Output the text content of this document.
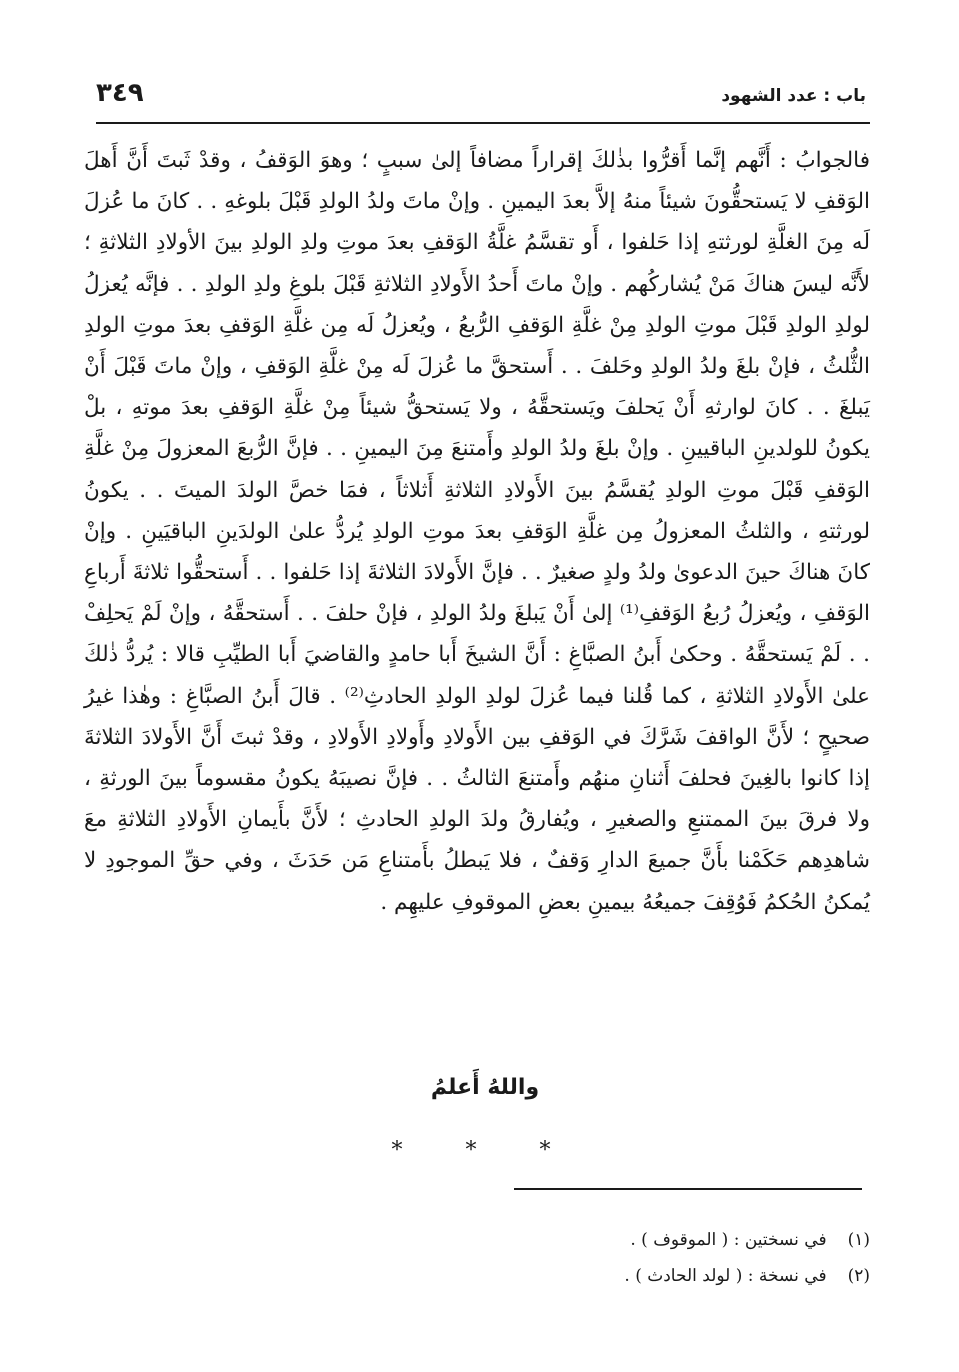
باب : عدد الشهود
٣٤٩

فالجوابُ : أَنَّهم إنَّما أَقرُّوا بذٰلكَ إقراراً مضافاً إلىٰ سببٍ ؛ وهوَ الوَقفُ ، وقدْ ثَبتَ أَنَّ أَهلَ الوَقفِ لا يَستحقُّونَ شيئاً منهُ إلاَّ بعدَ اليمينِ . وإنْ ماتَ ولدُ الولدِ قَبْلَ بلوغهِ . . كانَ ما عُزلَ لَه مِنَ الغلَّةِ لورثتهِ إذا حَلفوا ، أَو تقسَّمُ غلَّةُ الوَقفِ بعدَ موتِ ولدِ الولدِ بينَ الأولادِ الثلاثةِ ؛ لأَنَّه ليسَ هناكَ مَنْ يُشاركُهم . وإنْ ماتَ أَحدُ الأَولادِ الثلاثةِ قَبْلَ بلوغِ ولدِ الولدِ . . فإنَّه يُعزلُ لولدِ الولدِ قَبْلَ موتِ الولدِ مِنْ غلَّةِ الوَقفِ الرُّبعُ ، ويُعزلُ لَه مِن غلَّةِ الوَقفِ بعدَ موتِ الولدِ الثُّلثُ ، فإنْ بلغَ ولدُ الولدِ وحَلفَ . . أَستحقَّ ما عُزلَ لَه مِنْ غلَّةِ الوَقفِ ، وإنْ ماتَ قَبْلَ أَنْ يَبلغَ . . كانَ لوارثهِ أَنْ يَحلفَ ويَستحقَّهُ ، ولا يَستحقُّ شيئاً مِنْ غلَّةِ الوَقفِ بعدَ موتهِ ، بلْ يكونُ للولدينِ الباقيينِ . وإنْ بلغَ ولدُ الولدِ وأَمتنعَ مِنَ اليمينِ . . فإنَّ الرُّبعَ المعزولَ مِنْ غلَّةِ الوَقفِ قَبْلَ موتِ الولدِ يُقسَّمُ بينَ الأَولادِ الثلاثةِ أَثلاثاً ، فمَا خصَّ الولدَ الميتَ . . يكونُ لورثتهِ ، والثلثُ المعزولُ مِن غلَّةِ الوَقفِ بعدَ موتِ الولدِ يُردُّ علىٰ الولدَينِ الباقيَينِ . وإنْ كانَ هناكَ حينَ الدعوىٰ ولدُ ولدٍ صغيرٌ . . فإنَّ الأَولادَ الثلاثةَ إذا حَلفوا . . أَستحقُّوا ثلاثةَ أَرباعِ الوَقفِ ، ويُعزلُ رُبعُ الوَقفِ⁽¹⁾ إلىٰ أَنْ يَبلغَ ولدُ الولدِ ، فإنْ حلفَ . . أَستحقَّهُ ، وإنْ لَمْ يَحلِفْ . . لَمْ يَستحقَّهُ . وحكىٰ أَبنُ الصبَّاغِ : أَنَّ الشيخَ أَبا حامدٍ والقاضيَ أَبا الطيِّبِ قالا : يُردُّ ذٰلكَ علىٰ الأَولادِ الثلاثةِ ، كما قُلنا فيما عُزلَ لولدِ الولدِ الحادثِ⁽²⁾ . قالَ أَبنُ الصبَّاغِ : وهٰذا غيرُ صحيحٍ ؛ لأَنَّ الواقفَ شَرَّكَ في الوَقفِ بين الأَولادِ وأَولادِ الأَولادِ ، وقدْ ثبتَ أَنَّ الأَولادَ الثلاثةَ إذا كانوا بالغِينَ فحلفَ أَثنانِ منهُم وأَمتنعَ الثالثُ . . فإنَّ نصيبَهُ يكونُ مقسوماً بينَ الورثةِ ، ولا فرقَ بينَ الممتنعِ والصغيرِ ، ويُفارقُ ولدَ الولدِ الحادثِ ؛ لأَنَّ بأَيمانِ الأَولادِ الثلاثةِ معَ شاهدِهم حَكَمْنا بأَنَّ جميعَ الدارِ وَقفٌ ، فلا يَبطلُ بأَمتناعِ مَن حَدَثَ ، وفي حقِّ الموجودِ لا يُمكنُ الحُكمُ فَوُقِفَ جميعُهُ بيمينِ بعضِ الموقوفِ عليهِم .

واللهُ أَعلمُ
* * *
(١) في نسختين : ( الموقوف ) .
(٢) في نسخة : ( لولد الحادث ) .
